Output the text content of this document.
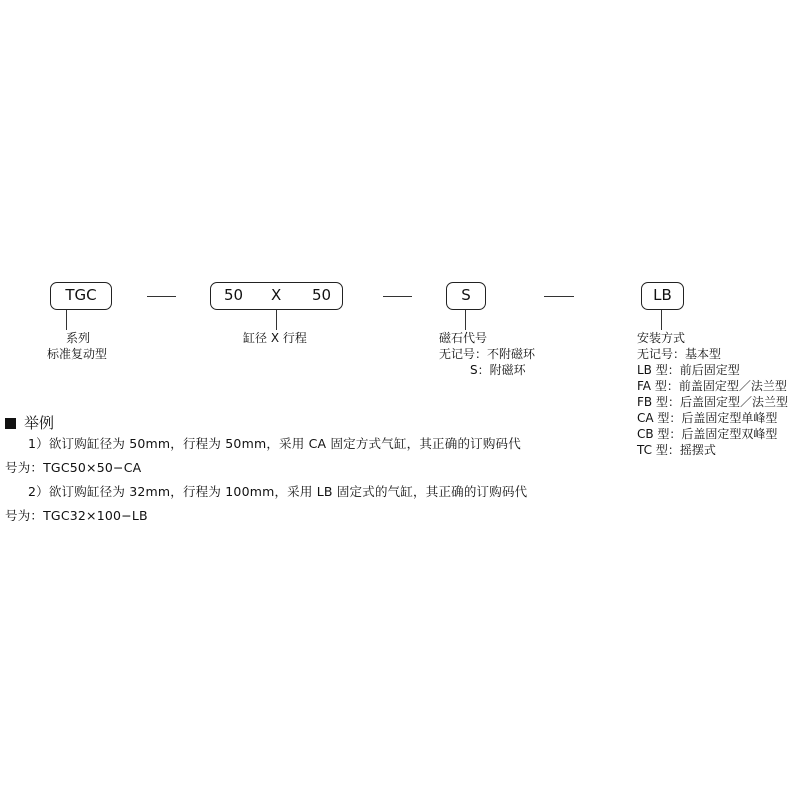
TGC	50 X 50	S	LB
系列
标准复动型
缸径 X 行程	磁石代号
无记号：不附磁环
S：附磁环
安装方式
无记号：基本型
LB 型：前后固定型
FA 型：前盖固定型／法兰型
FB 型：后盖固定型／法兰型
CA 型：后盖固定型单峰型
CB 型：后盖固定型双峰型
TC 型：摇摆式
举例
1）欲订购缸径为 50mm，行程为 50mm，采用 CA 固定方式气缸，其正确的订购码代
号为：TGC50×50−CA
2）欲订购缸径为 32mm，行程为 100mm，采用 LB 固定式的气缸，其正确的订购码代
号为：TGC32×100−LB
